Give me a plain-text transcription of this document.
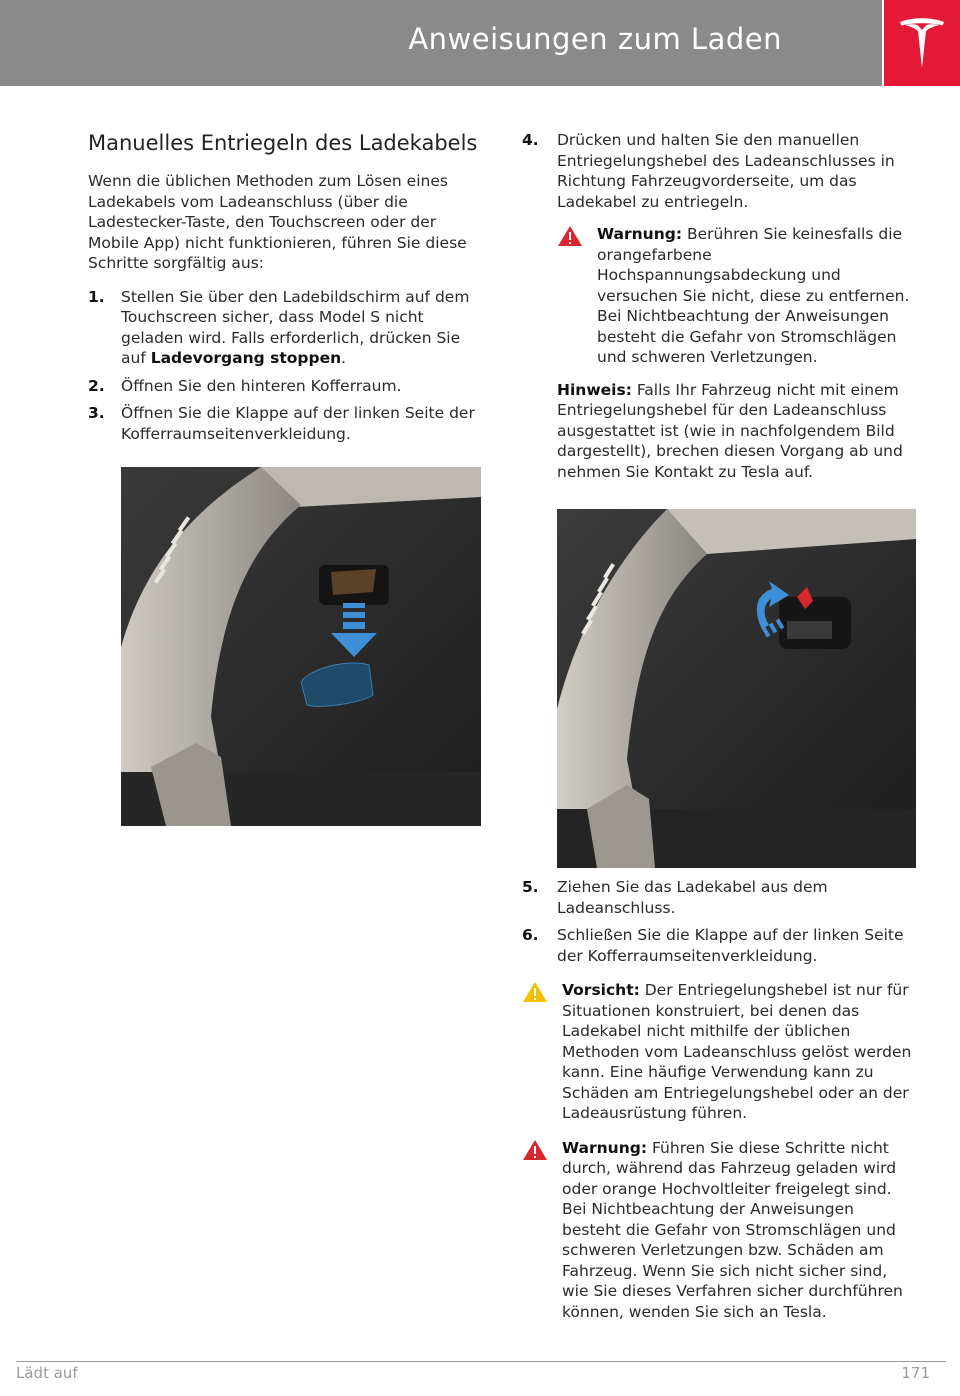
Anweisungen zum Laden
Manuelles Entriegeln des Ladekabels

Wenn die üblichen Methoden zum Lösen eines Ladekabels vom Ladeanschluss (über die Ladestecker-Taste, den Touchscreen oder der Mobile App) nicht funktionieren, führen Sie diese Schritte sorgfältig aus:

1. Stellen Sie über den Ladebildschirm auf dem Touchscreen sicher, dass Model S nicht geladen wird. Falls erforderlich, drücken Sie auf Ladevorgang stoppen.
2. Öffnen Sie den hinteren Kofferraum.
3. Öffnen Sie die Klappe auf der linken Seite der Kofferraumseitenverkleidung.
4. Drücken und halten Sie den manuellen Entriegelungshebel des Ladeanschlusses in Richtung Fahrzeugvorderseite, um das Ladekabel zu entriegeln.
Warnung: Berühren Sie keinesfalls die orangefarbene Hochspannungsabdeckung und versuchen Sie nicht, diese zu entfernen. Bei Nichtbeachtung der Anweisungen besteht die Gefahr von Stromschlägen und schweren Verletzungen.
Hinweis: Falls Ihr Fahrzeug nicht mit einem Entriegelungshebel für den Ladeanschluss ausgestattet ist (wie in nachfolgendem Bild dargestellt), brechen diesen Vorgang ab und nehmen Sie Kontakt zu Tesla auf.
5. Ziehen Sie das Ladekabel aus dem Ladeanschluss.
6. Schließen Sie die Klappe auf der linken Seite der Kofferraumseitenverkleidung.
Vorsicht: Der Entriegelungshebel ist nur für Situationen konstruiert, bei denen das Ladekabel nicht mithilfe der üblichen Methoden vom Ladeanschluss gelöst werden kann. Eine häufige Verwendung kann zu Schäden am Entriegelungshebel oder an der Ladeausrüstung führen.
Warnung: Führen Sie diese Schritte nicht durch, während das Fahrzeug geladen wird oder orange Hochvoltleiter freigelegt sind. Bei Nichtbeachtung der Anweisungen besteht die Gefahr von Stromschlägen und schweren Verletzungen bzw. Schäden am Fahrzeug. Wenn Sie sich nicht sicher sind, wie Sie dieses Verfahren sicher durchführen können, wenden Sie sich an Tesla.
Lädt auf	171
